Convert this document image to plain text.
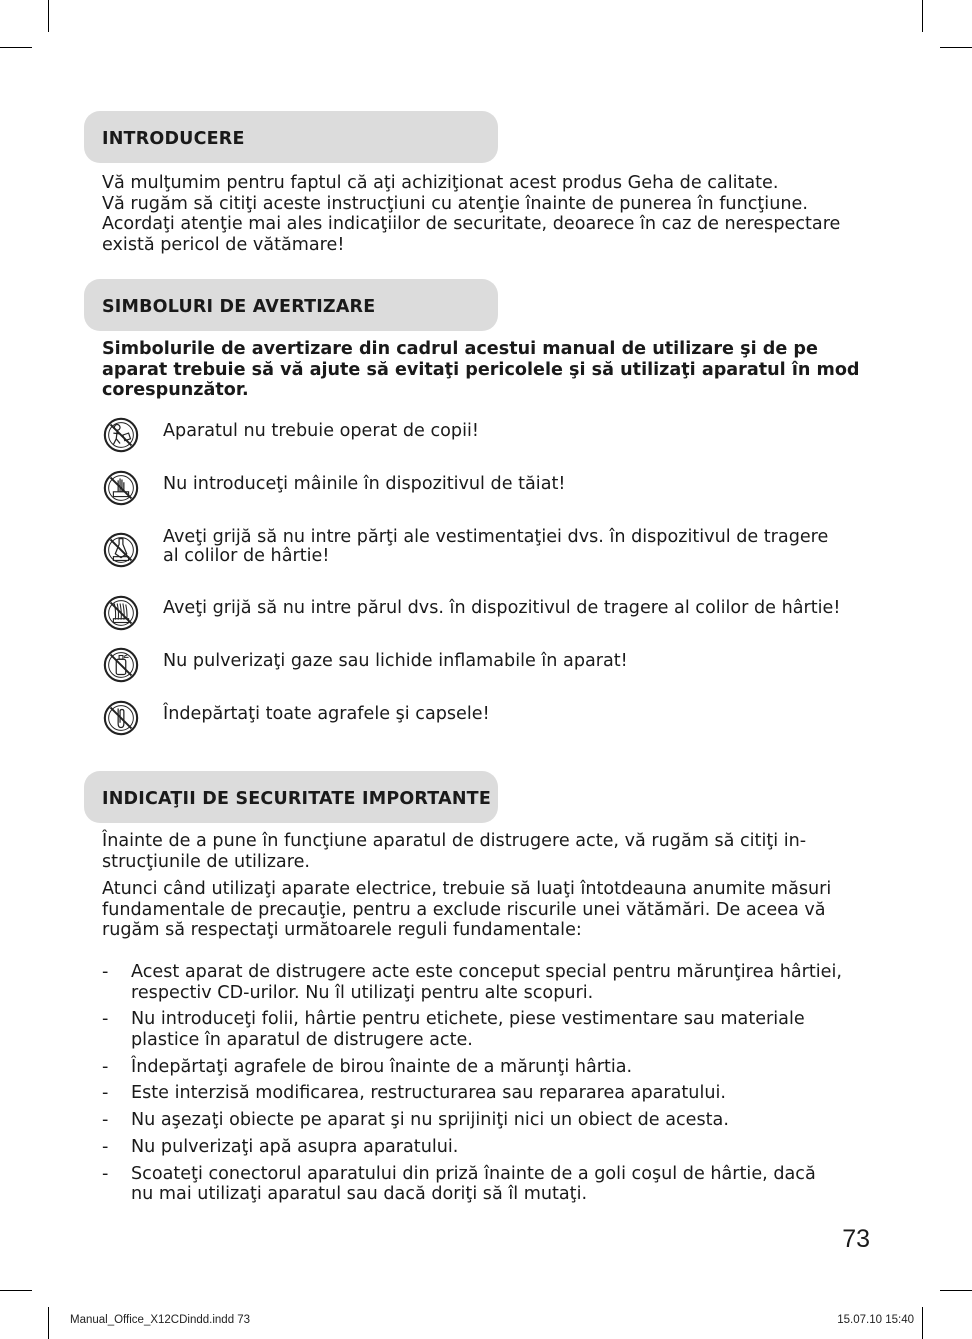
INTRODUCERE

Vă mulţumim pentru faptul că aţi achiziţionat acest produs Geha de calitate.

Vă rugăm să citiţi aceste instrucţiuni cu atenţie înainte de punerea în funcţiune.

Acordaţi atenţie mai ales indicaţiilor de securitate, deoarece în caz de nerespectare

există pericol de vătămare!

SIMBOLURI DE AVERTIZARE

Simbolurile de avertizare din cadrul acestui manual de utilizare şi de pe

aparat trebuie să vă ajute să evitaţi pericolele şi să utilizaţi aparatul în mod

corespunzător.

Aparatul nu trebuie operat de copii!
Nu introduceţi mâinile în dispozitivul de tăiat!
Aveţi grijă să nu intre părţi ale vestimentaţiei dvs. în dispozitivul de tragere
al colilor de hârtie!
Aveţi grijă să nu intre părul dvs. în dispozitivul de tragere al colilor de hârtie!
Nu pulverizaţi gaze sau lichide inflamabile în aparat!
Îndepărtaţi toate agrafele şi capsele!
INDICAŢII DE SECURITATE IMPORTANTE

Înainte de a pune în funcţiune aparatul de distrugere acte, vă rugăm să citiţi in-

strucţiunile de utilizare.

Atunci când utilizaţi aparate electrice, trebuie să luaţi întotdeauna anumite măsuri

fundamentale de precauţie, pentru a exclude riscurile unei vătămări. De aceea vă

rugăm să respectaţi următoarele reguli fundamentale:

- Acest aparat de distrugere acte este conceput special pentru mărunţirea hârtiei,
respectiv CD-urilor. Nu îl utilizaţi pentru alte scopuri.
- Nu introduceţi folii, hârtie pentru etichete, piese vestimentare sau materiale
plastice în aparatul de distrugere acte.
- Îndepărtaţi agrafele de birou înainte de a mărunţi hârtia.
- Este interzisă modificarea, restructurarea sau repararea aparatului.
- Nu aşezaţi obiecte pe aparat şi nu sprijiniţi nici un obiect de acesta.
- Nu pulverizaţi apă asupra aparatului.
- Scoateţi conectorul aparatului din priză înainte de a goli coşul de hârtie, dacă
nu mai utilizaţi aparatul sau dacă doriţi să îl mutaţi.
73
Manual_Office_X12CDindd.indd 73	15.07.10 15:40
